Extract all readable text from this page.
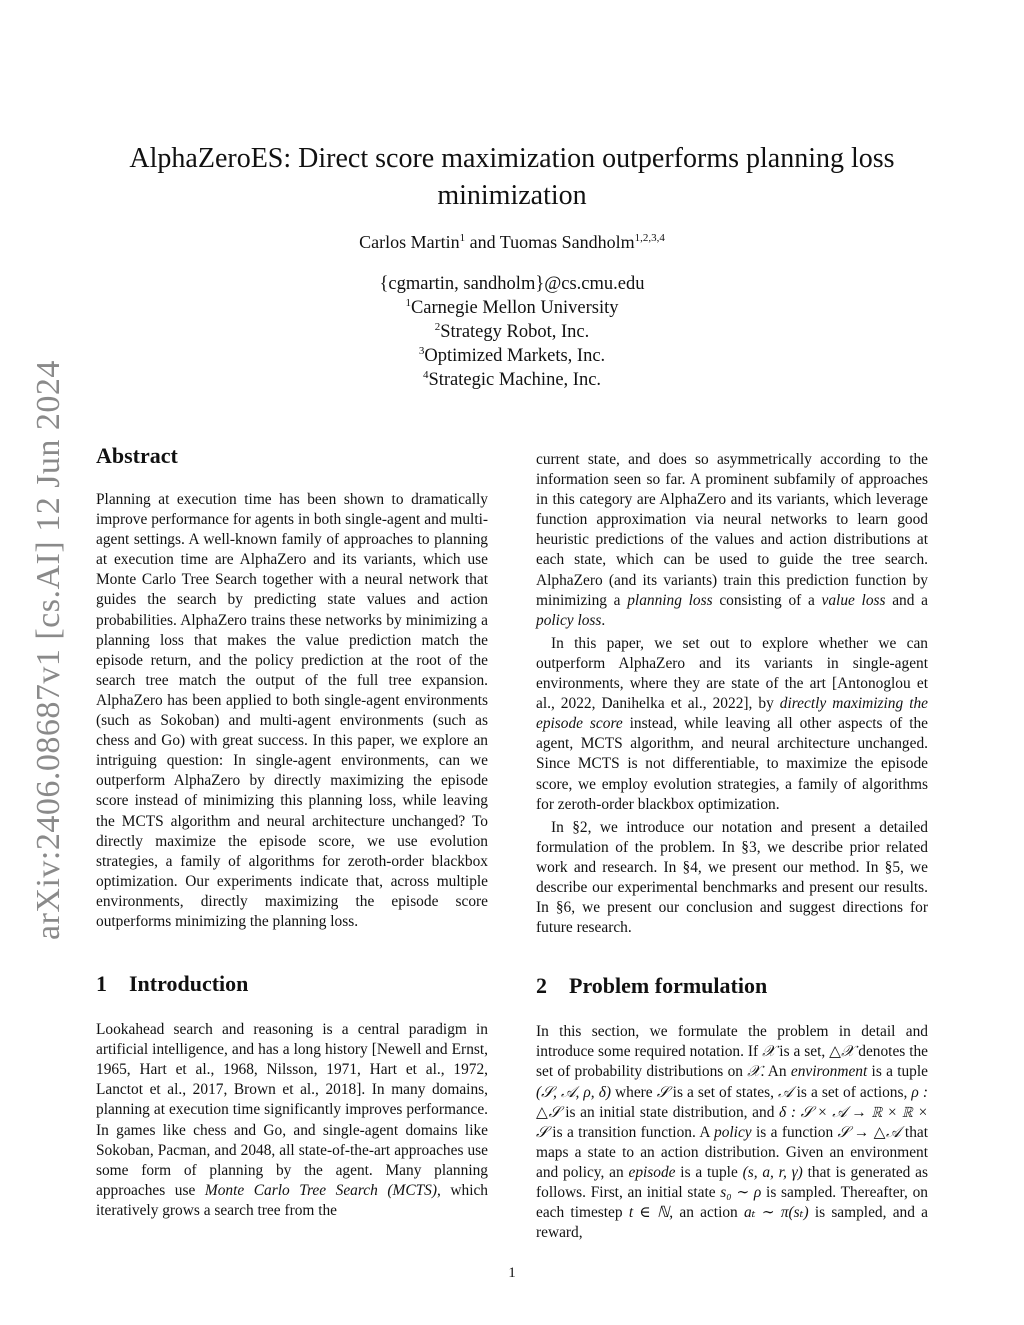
arXiv:2406.08687v1 [cs.AI] 12 Jun 2024
AlphaZeroES: Direct score maximization outperforms planning loss
minimization
Carlos Martin$^1$ and Tuomas Sandholm$^{1,2,3,4}$
{cgmartin, sandholm}@cs.cmu.edu
$^1$Carnegie Mellon University
$^2$Strategy Robot, Inc.
$^3$Optimized Markets, Inc.
$^4$Strategic Machine, Inc.
Abstract

Planning at execution time has been shown to dramatically improve performance for agents in both single-agent and multi-agent settings. A well-known family of approaches to planning at execution time are AlphaZero and its variants, which use Monte Carlo Tree Search together with a neural network that guides the search by predicting state values and action probabilities. AlphaZero trains these networks by minimizing a planning loss that makes the value prediction match the episode return, and the policy prediction at the root of the search tree match the output of the full tree expansion. AlphaZero has been applied to both single-agent environments (such as Sokoban) and multi-agent environments (such as chess and Go) with great success. In this paper, we explore an intriguing question: In single-agent environments, can we outperform AlphaZero by directly maximizing the episode score instead of minimizing this planning loss, while leaving the MCTS algorithm and neural architecture unchanged? To directly maximize the episode score, we use evolution strategies, a family of algorithms for zeroth-order blackbox optimization. Our experiments indicate that, across multiple environments, directly maximizing the episode score outperforms minimizing the planning loss.

1 Introduction

Lookahead search and reasoning is a central paradigm in artificial intelligence, and has a long history [Newell and Ernst, 1965, Hart et al., 1968, Nilsson, 1971, Hart et al., 1972, Lanctot et al., 2017, Brown et al., 2018]. In many domains, planning at execution time significantly improves performance. In games like chess and Go, and single-agent domains like Sokoban, Pacman, and 2048, all state-of-the-art approaches use some form of planning by the agent. Many planning approaches use Monte Carlo Tree Search (MCTS), which iteratively grows a search tree from the

current state, and does so asymmetrically according to the information seen so far. A prominent subfamily of approaches in this category are AlphaZero and its variants, which leverage function approximation via neural networks to learn good heuristic predictions of the values and action distributions at each state, which can be used to guide the tree search. AlphaZero (and its variants) train this prediction function by minimizing a planning loss consisting of a value loss and a policy loss.

In this paper, we set out to explore whether we can outperform AlphaZero and its variants in single-agent environments, where they are state of the art [Antonoglou et al., 2022, Danihelka et al., 2022], by directly maximizing the episode score instead, while leaving all other aspects of the agent, MCTS algorithm, and neural architecture unchanged. Since MCTS is not differentiable, to maximize the episode score, we employ evolution strategies, a family of algorithms for zeroth-order blackbox optimization.

In §2, we introduce our notation and present a detailed formulation of the problem. In §3, we describe prior related work and research. In §4, we present our method. In §5, we describe our experimental benchmarks and present our results. In §6, we present our conclusion and suggest directions for future research.

2 Problem formulation

In this section, we formulate the problem in detail and introduce some required notation. If 𝒳 is a set, △𝒳 denotes the set of probability distributions on 𝒳. An environment is a tuple (𝒮, 𝒜, ρ, δ) where 𝒮 is a set of states, 𝒜 is a set of actions, ρ : △𝒮 is an initial state distribution, and δ : 𝒮 × 𝒜 → ℝ × ℝ × 𝒮 is a transition function. A policy is a function 𝒮 → △𝒜 that maps a state to an action distribution. Given an environment and policy, an episode is a tuple (s, a, r, γ) that is generated as follows. First, an initial state s₀ ∼ ρ is sampled. Thereafter, on each timestep t ∈ ℕ, an action aₜ ∼ π(sₜ) is sampled, and a reward,

1
